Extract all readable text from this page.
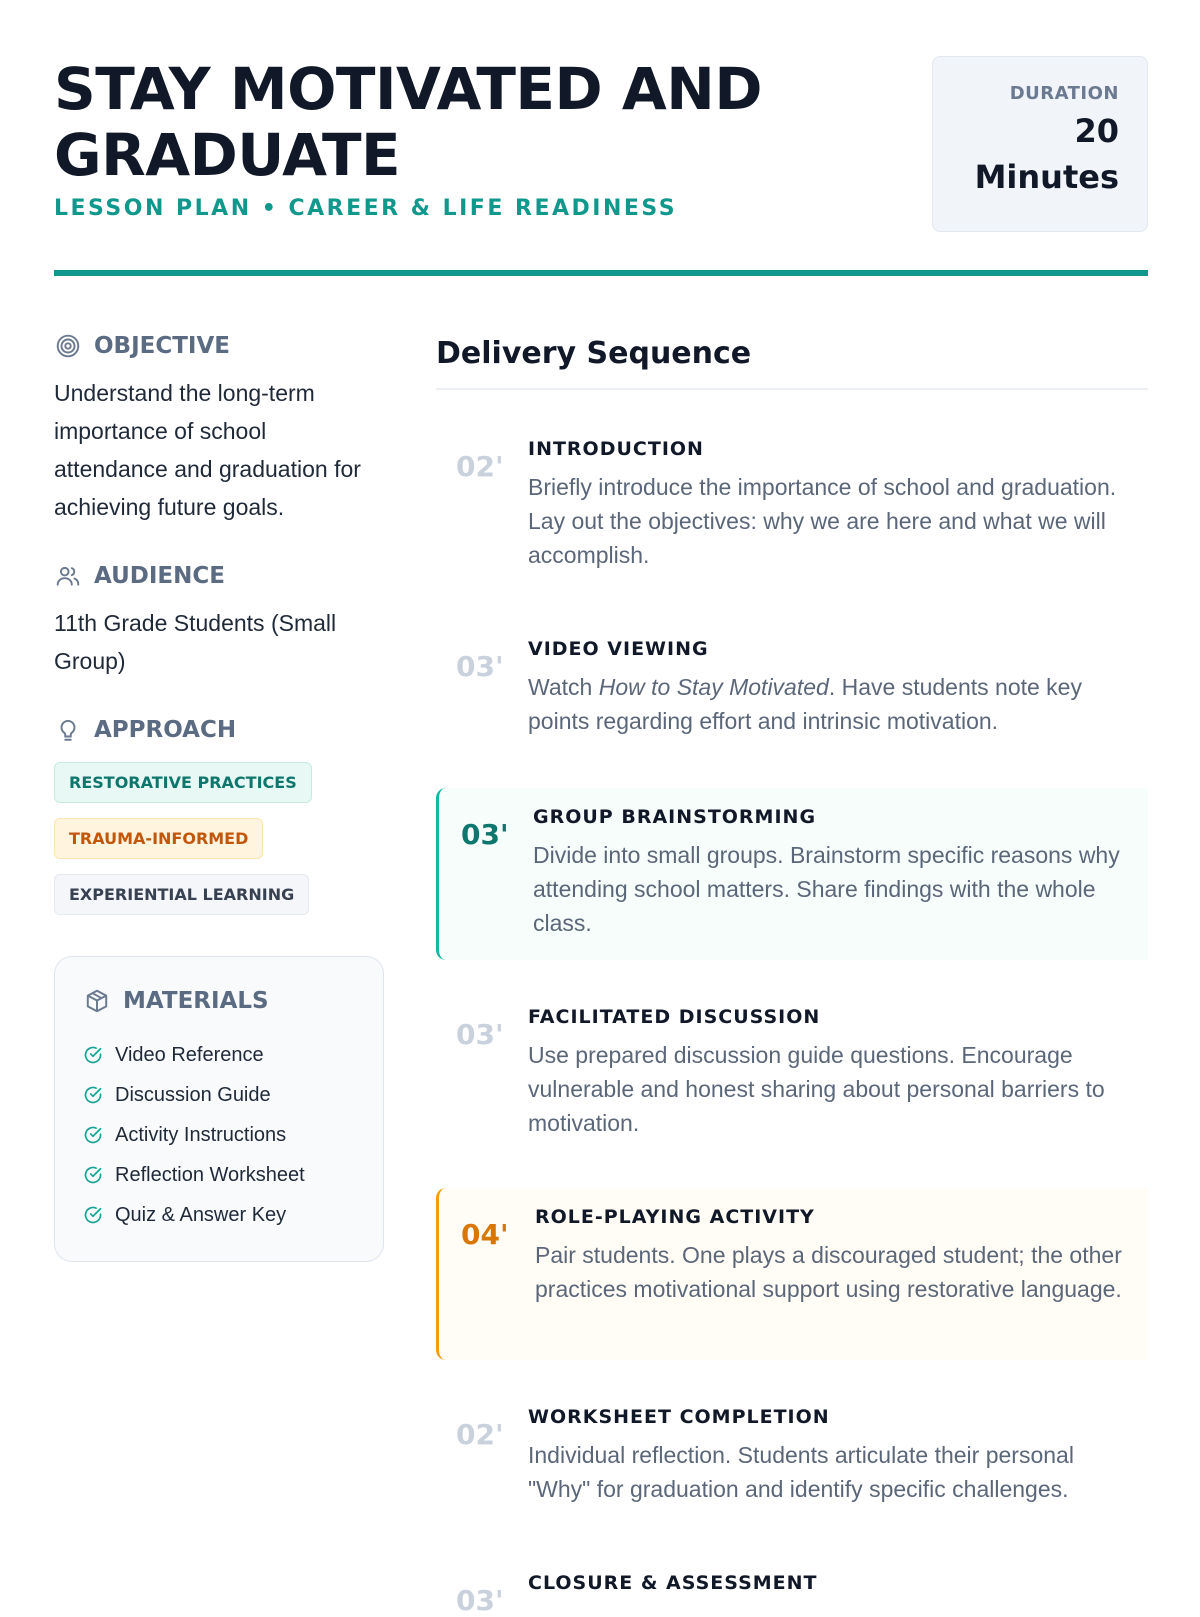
STAY MOTIVATED AND GRADUATE
LESSON PLAN • CAREER & LIFE READINESS
DURATION
20
Minutes
OBJECTIVE

Understand the long-term importance of school attendance and graduation for achieving future goals.

AUDIENCE

11th Grade Students (Small Group)

APPROACH
RESTORATIVE PRACTICES
TRAUMA-INFORMED
EXPERIENTIAL LEARNING
MATERIALS
Video Reference
Discussion Guide
Activity Instructions
Reflection Worksheet
Quiz & Answer Key
Delivery Sequence
02'
INTRODUCTION
Briefly introduce the importance of school and graduation. Lay out the objectives: why we are here and what we will accomplish.
03'
VIDEO VIEWING
Watch How to Stay Motivated. Have students note key points regarding effort and intrinsic motivation.
03'
GROUP BRAINSTORMING
Divide into small groups. Brainstorm specific reasons why attending school matters. Share findings with the whole class.
03'
FACILITATED DISCUSSION
Use prepared discussion guide questions. Encourage vulnerable and honest sharing about personal barriers to motivation.
04'
ROLE-PLAYING ACTIVITY
Pair students. One plays a discouraged student; the other practices motivational support using restorative language.
02'
WORKSHEET COMPLETION
Individual reflection. Students articulate their personal "Why" for graduation and identify specific challenges.
03'
CLOSURE & ASSESSMENT
